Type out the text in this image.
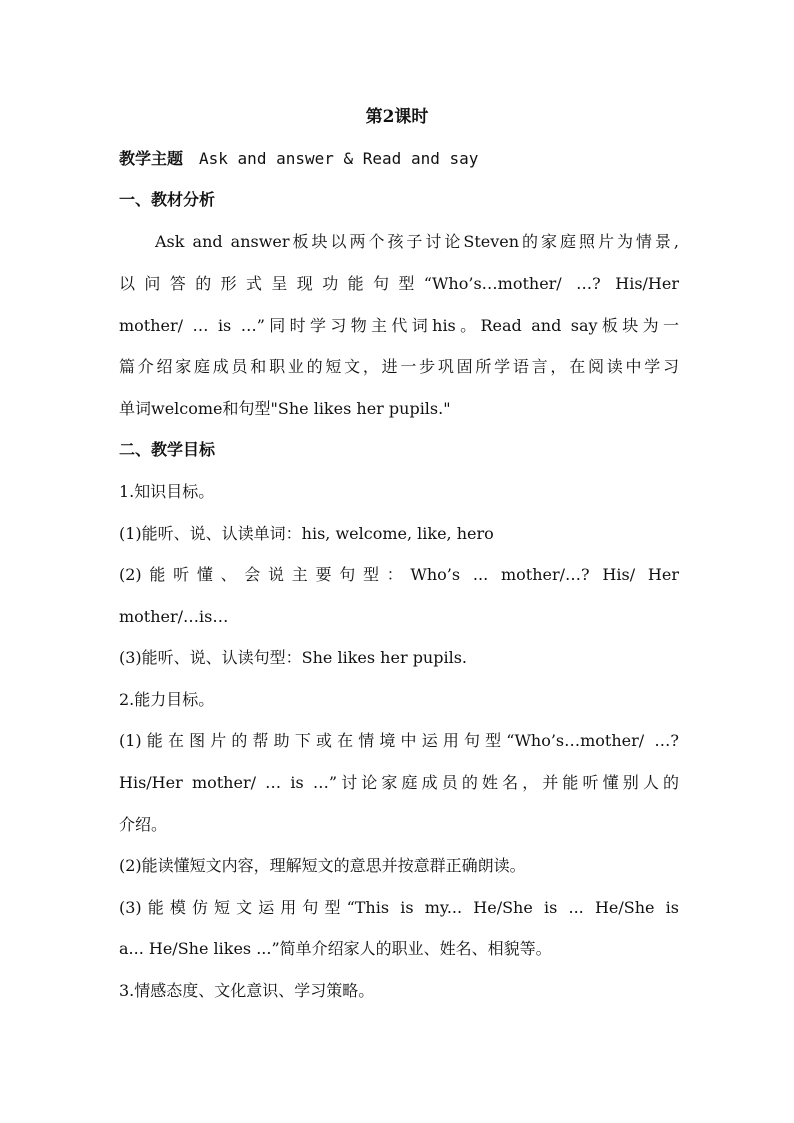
第2课时
教学主题 Ask and answer & Read and say
一、教材分析
Ask and answer板块以两个孩子讨论Steven的家庭照片为情景,
以问答的形式呈现功能句型“Who’s…mother/ …? His/Her
mother/ … is …”同时学习物主代词his。Read and say板块为一
篇介绍家庭成员和职业的短文，进一步巩固所学语言，在阅读中学习
单词welcome和句型"She likes her pupils."
二、教学目标
1.知识目标。
(1)能听、说、认读单词：his, welcome, like, hero
(2)能听懂、会说主要句型：Who’s ... mother/…? His/ Her
mother/…is…
(3)能听、说、认读句型：She likes her pupils.
2.能力目标。
(1)能在图片的帮助下或在情境中运用句型“Who’s…mother/ …?
His/Her mother/ … is …”讨论家庭成员的姓名，并能听懂别人的
介绍。
(2)能读懂短文内容，理解短文的意思并按意群正确朗读。
(3)能模仿短文运用句型“This is my... He/She is ... He/She is
a... He/She likes ...”简单介绍家人的职业、姓名、相貌等。
3.情感态度、文化意识、学习策略。
